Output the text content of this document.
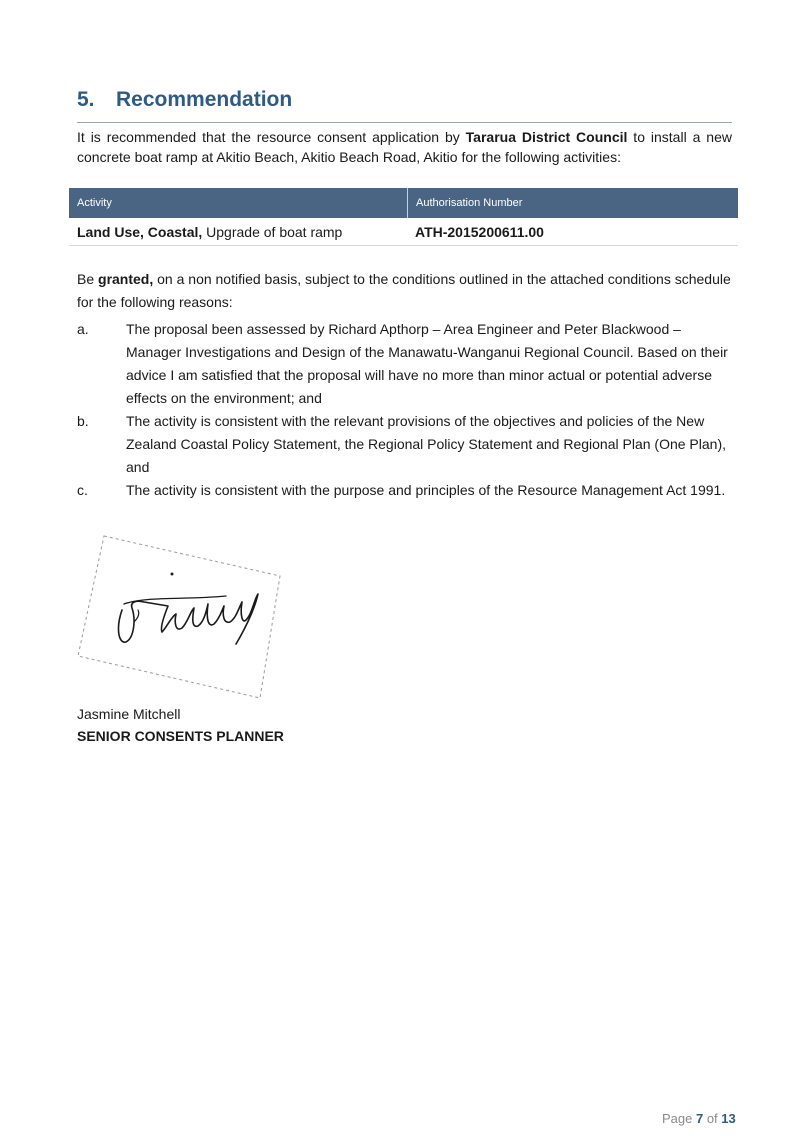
5. Recommendation
It is recommended that the resource consent application by Tararua District Council to install a new concrete boat ramp at Akitio Beach, Akitio Beach Road, Akitio for the following activities:
Activity	Authorisation Number
Land Use, Coastal, Upgrade of boat ramp	ATH-2015200611.00
Be granted, on a non notified basis, subject to the conditions outlined in the attached conditions schedule for the following reasons:
a.	The proposal been assessed by Richard Apthorp – Area Engineer and Peter Blackwood – Manager Investigations and Design of the Manawatu-Wanganui Regional Council. Based on their advice I am satisfied that the proposal will have no more than minor actual or potential adverse effects on the environment; and
b.	The activity is consistent with the relevant provisions of the objectives and policies of the New Zealand Coastal Policy Statement, the Regional Policy Statement and Regional Plan (One Plan), and
c.	The activity is consistent with the purpose and principles of the Resource Management Act 1991.
Jasmine Mitchell
SENIOR CONSENTS PLANNER
Page 7 of 13
